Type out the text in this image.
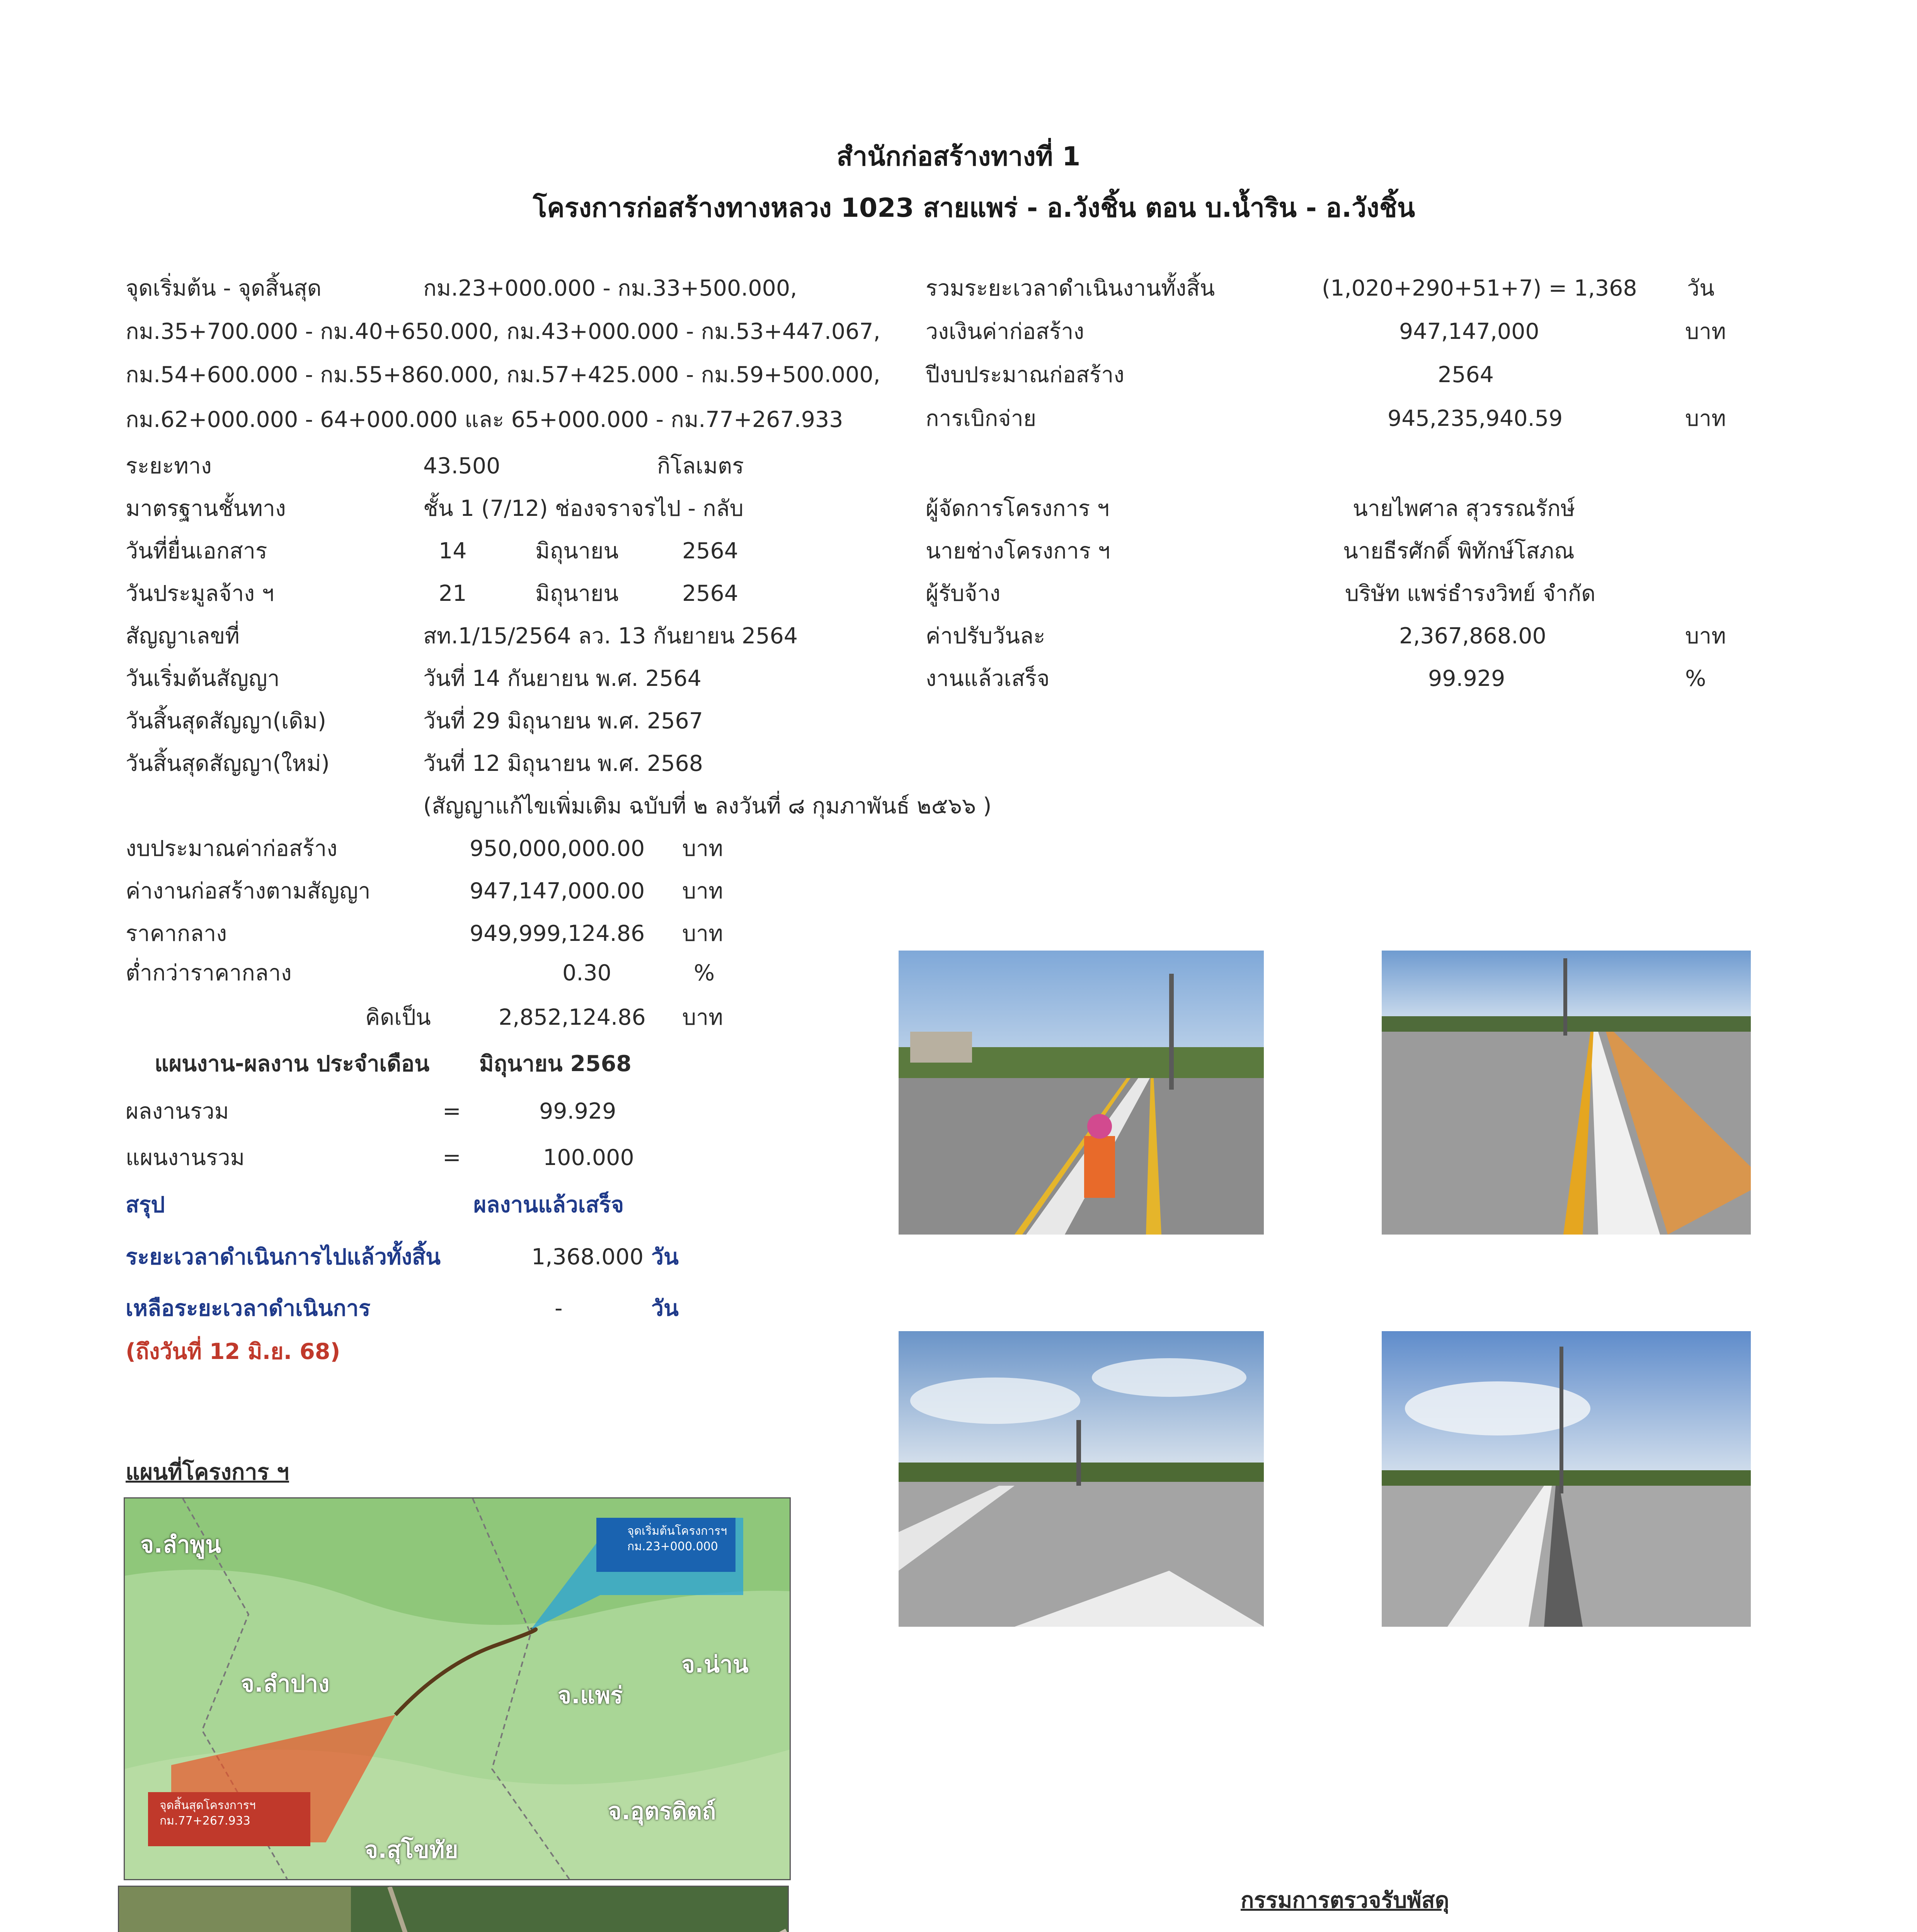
สำนักก่อสร้างทางที่ 1
โครงการก่อสร้างทางหลวง 1023 สายแพร่ - อ.วังชิ้น ตอน บ.น้ำริน - อ.วังชิ้น
จุดเริ่มต้น - จุดสิ้นสุด	กม.23+000.000 - กม.33+500.000,
กม.35+700.000 - กม.40+650.000, กม.43+000.000 - กม.53+447.067,
กม.54+600.000 - กม.55+860.000, กม.57+425.000 - กม.59+500.000,
กม.62+000.000 - 64+000.000 และ 65+000.000 - กม.77+267.933
ระยะทาง	43.500	กิโลเมตร
มาตรฐานชั้นทาง	ชั้น 1 (7/12) ช่องจราจรไป - กลับ
วันที่ยื่นเอกสาร	14	มิถุนายน	2564
วันประมูลจ้าง ฯ	21	มิถุนายน	2564
สัญญาเลขที่	สท.1/15/2564 ลว. 13 กันยายน 2564
วันเริ่มต้นสัญญา	วันที่ 14 กันยายน พ.ศ. 2564
วันสิ้นสุดสัญญา(เดิม)	วันที่ 29 มิถุนายน พ.ศ. 2567
วันสิ้นสุดสัญญา(ใหม่)	วันที่ 12 มิถุนายน พ.ศ. 2568
(สัญญาแก้ไขเพิ่มเติม ฉบับที่ ๒ ลงวันที่ ๘ กุมภาพันธ์ ๒๕๖๖ )
รวมระยะเวลาดำเนินงานทั้งสิ้น	(1,020+290+51+7) = 1,368 วัน
วงเงินค่าก่อสร้าง	947,147,000	บาท
ปีงบประมาณก่อสร้าง	2564
การเบิกจ่าย	945,235,940.59	บาท
ผู้จัดการโครงการ ฯ	นายไพศาล สุวรรณรักษ์
นายช่างโครงการ ฯ	นายธีรศักดิ์ พิทักษ์โสภณ
ผู้รับจ้าง	บริษัท แพร่ธำรงวิทย์ จำกัด
ค่าปรับวันละ	2,367,868.00	บาท
งานแล้วเสร็จ	99.929	%
งบประมาณค่าก่อสร้าง	950,000,000.00 บาท
ค่างานก่อสร้างตามสัญญา	947,147,000.00 บาท
ราคากลาง	949,999,124.86 บาท
ต่ำกว่าราคากลาง	0.30	%
คิดเป็น	2,852,124.86 บาท
แผนงาน-ผลงาน ประจำเดือน มิถุนายน 2568
ผลงานรวม	=	99.929
แผนงานรวม	=	100.000
สรุป	ผลงานแล้วเสร็จ
ระยะเวลาดำเนินการไปแล้วทั้งสิ้น	1,368.000 วัน
เหลือระยะเวลาดำเนินการ	-	วัน
(ถึงวันที่ 12 มิ.ย. 68)
แผนที่โครงการ ฯ
จ.ลำพูน
จ.ลำปาง	จ.แพร่
จ.น่าน
จ.สุโขทัย
จ.อุตรดิตถ์
จุดเริ่มต้นโครงการฯ
กม.23+000.000
จุดสิ้นสุดโครงการฯ
กม.77+267.933
กรรมการตรวจรับพัสดุ
